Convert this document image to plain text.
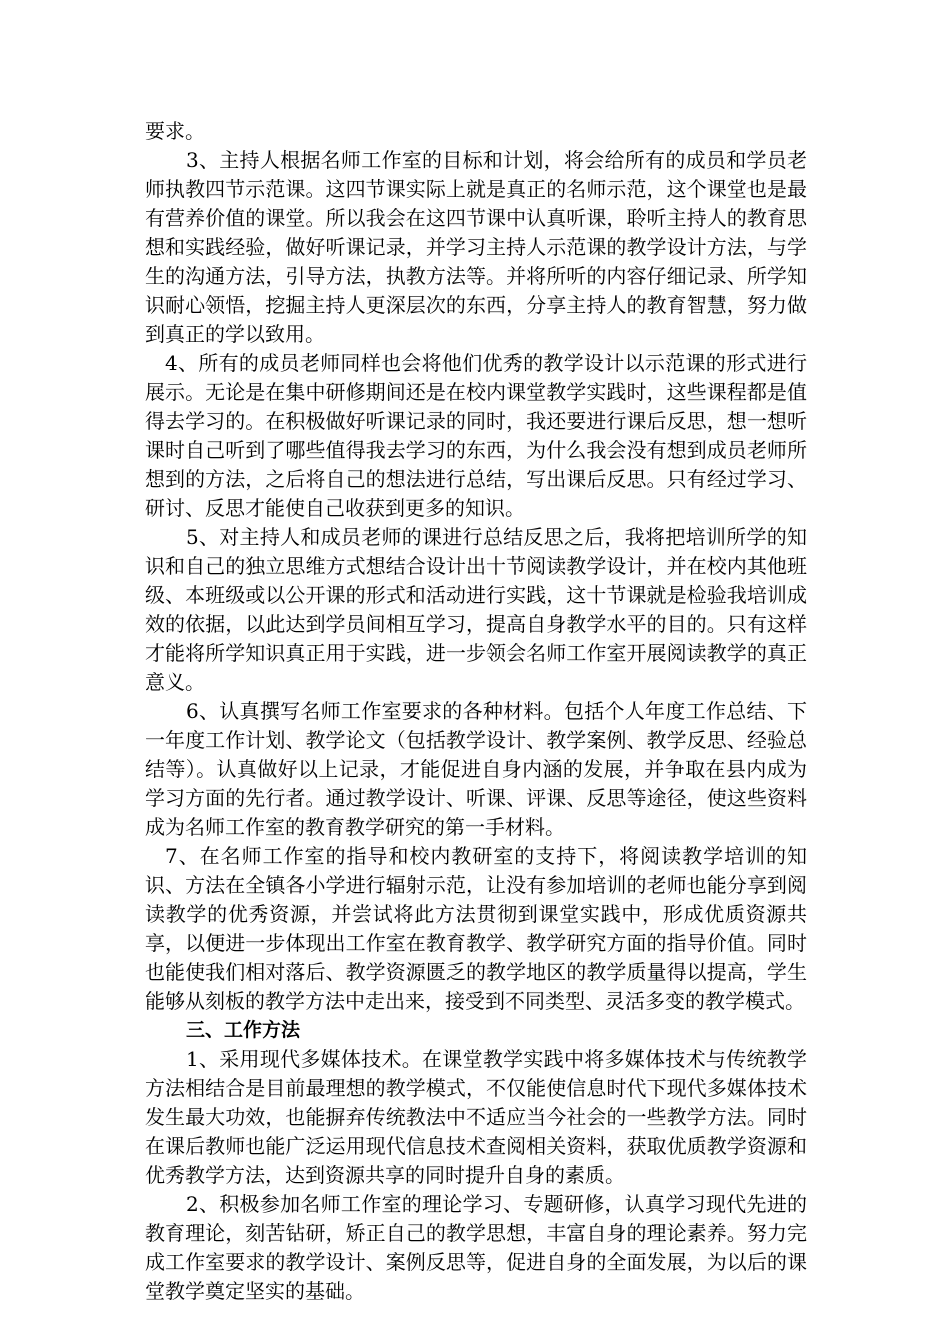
要求。

3、主持人根据名师工作室的目标和计划，将会给所有的成员和学员老师执教四节示范课。这四节课实际上就是真正的名师示范，这个课堂也是最有营养价值的课堂。所以我会在这四节课中认真听课，聆听主持人的教育思想和实践经验，做好听课记录，并学习主持人示范课的教学设计方法，与学生的沟通方法，引导方法，执教方法等。并将所听的内容仔细记录、所学知识耐心领悟，挖掘主持人更深层次的东西，分享主持人的教育智慧，努力做到真正的学以致用。

4、所有的成员老师同样也会将他们优秀的教学设计以示范课的形式进行展示。无论是在集中研修期间还是在校内课堂教学实践时，这些课程都是值得去学习的。在积极做好听课记录的同时，我还要进行课后反思，想一想听课时自己听到了哪些值得我去学习的东西，为什么我会没有想到成员老师所想到的方法，之后将自己的想法进行总结，写出课后反思。只有经过学习、研讨、反思才能使自己收获到更多的知识。

5、对主持人和成员老师的课进行总结反思之后，我将把培训所学的知识和自己的独立思维方式想结合设计出十节阅读教学设计，并在校内其他班级、本班级或以公开课的形式和活动进行实践，这十节课就是检验我培训成效的依据，以此达到学员间相互学习，提高自身教学水平的目的。只有这样才能将所学知识真正用于实践，进一步领会名师工作室开展阅读教学的真正意义。

6、认真撰写名师工作室要求的各种材料。包括个人年度工作总结、下一年度工作计划、教学论文（包括教学设计、教学案例、教学反思、经验总结等）。认真做好以上记录，才能促进自身内涵的发展，并争取在县内成为学习方面的先行者。通过教学设计、听课、评课、反思等途径，使这些资料成为名师工作室的教育教学研究的第一手材料。

7、在名师工作室的指导和校内教研室的支持下，将阅读教学培训的知识、方法在全镇各小学进行辐射示范，让没有参加培训的老师也能分享到阅读教学的优秀资源，并尝试将此方法贯彻到课堂实践中，形成优质资源共享，以便进一步体现出工作室在教育教学、教学研究方面的指导价值。同时也能使我们相对落后、教学资源匮乏的教学地区的教学质量得以提高，学生能够从刻板的教学方法中走出来，接受到不同类型、灵活多变的教学模式。

三、工作方法

1、采用现代多媒体技术。在课堂教学实践中将多媒体技术与传统教学方法相结合是目前最理想的教学模式，不仅能使信息时代下现代多媒体技术发生最大功效，也能摒弃传统教法中不适应当今社会的一些教学方法。同时在课后教师也能广泛运用现代信息技术查阅相关资料，获取优质教学资源和优秀教学方法，达到资源共享的同时提升自身的素质。

2、积极参加名师工作室的理论学习、专题研修，认真学习现代先进的教育理论，刻苦钻研，矫正自己的教学思想，丰富自身的理论素养。努力完成工作室要求的教学设计、案例反思等，促进自身的全面发展，为以后的课堂教学奠定坚实的基础。
